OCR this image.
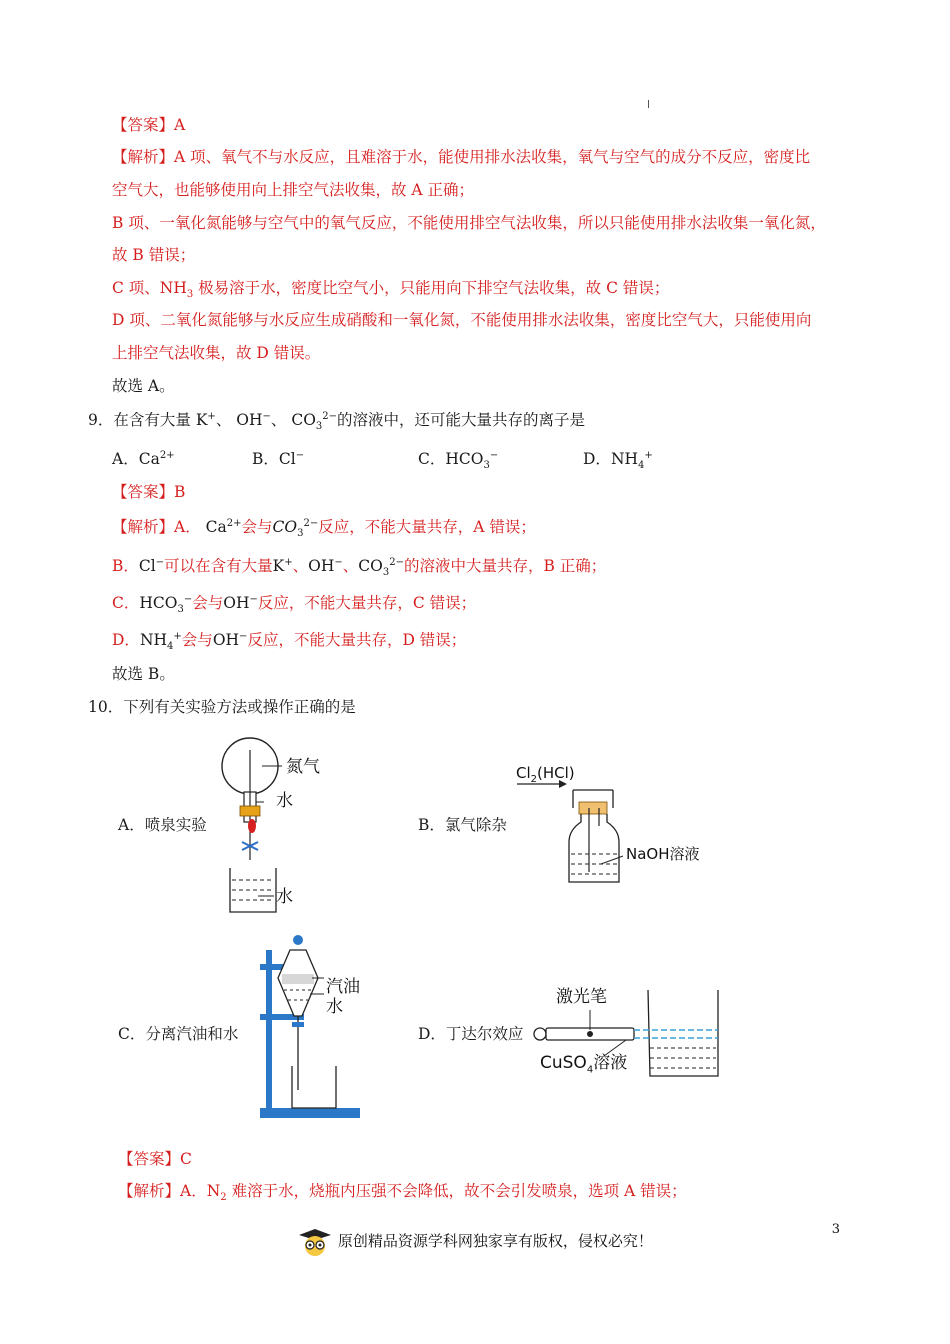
【答案】A
【解析】A 项、氧气不与水反应，且难溶于水，能使用排水法收集，氧气与空气的成分不反应，密度比
空气大，也能够使用向上排空气法收集，故 A 正确；
B 项、一氧化氮能够与空气中的氧气反应，不能使用排空气法收集，所以只能使用排水法收集一氧化氮，
故 B 错误；
C 项、$NH_3$ 极易溶于水，密度比空气小，只能用向下排空气法收集，故 C 错误；
D 项、二氧化氮能够与水反应生成硝酸和一氧化氮，不能使用排水法收集，密度比空气大，只能使用向
上排空气法收集，故 D 错误。
故选 A。
9．在含有大量 K+、 OH−、 $CO_3^{2-}$的溶液中，还可能大量共存的离子是
A．$Ca^{2+}$	B．Cl−	C．$HCO_3^-$	D．$NH_4^+$
【答案】B
【解析】A． $Ca^{2+}$会与$CO_3^{2-}$反应，不能大量共存，A 错误；
B．Cl−可以在含有大量K+、OH−、$CO_3^{2-}$的溶液中大量共存，B 正确；
C．$HCO_3^-$会与OH−反应，不能大量共存，C 错误；
D．$NH_4^+$会与OH−反应，不能大量共存，D 错误；
故选 B。
10．下列有关实验方法或操作正确的是
A．喷泉实验	B．氯气除杂
C．分离汽油和水	D．丁达尔效应
氮气
水
水
$Cl_2(HCl)$
NaOH溶液
汽油
水	激光笔
CuSO$_4$溶液
【答案】C
【解析】A．$N_2$ 难溶于水，烧瓶内压强不会降低，故不会引发喷泉，选项 A 错误；
原创精品资源学科网独家享有版权，侵权必究！
3
